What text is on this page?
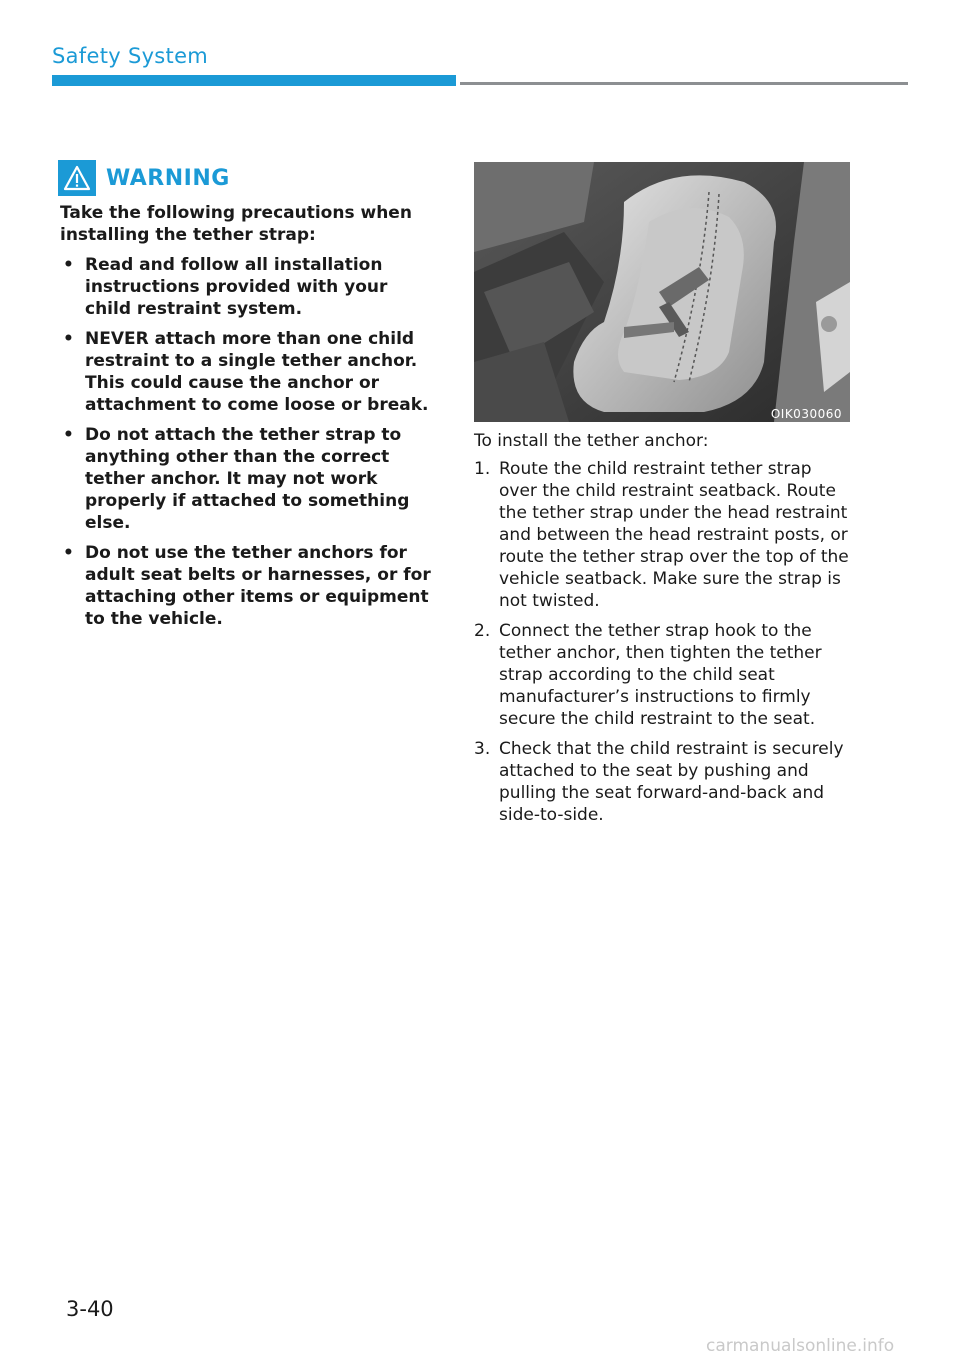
Safety System
WARNING

Take the following precautions when installing the tether strap:

• Read and follow all installation instructions provided with your child restraint system.
• NEVER attach more than one child restraint to a single tether anchor. This could cause the anchor or attachment to come loose or break.
• Do not attach the tether strap to anything other than the correct tether anchor. It may not work properly if attached to something else.
• Do not use the tether anchors for adult seat belts or harnesses, or for attaching other items or equipment to the vehicle.
OIK030060

To install the tether anchor:

1. Route the child restraint tether strap over the child restraint seatback. Route the tether strap under the head restraint and between the head restraint posts, or route the tether strap over the top of the vehicle seatback. Make sure the strap is not twisted.
2. Connect the tether strap hook to the tether anchor, then tighten the tether strap according to the child seat manufacturer’s instructions to firmly secure the child restraint to the seat.
3. Check that the child restraint is securely attached to the seat by pushing and pulling the seat forward-and-back and side-to-side.
3-40
carmanualsonline.info
